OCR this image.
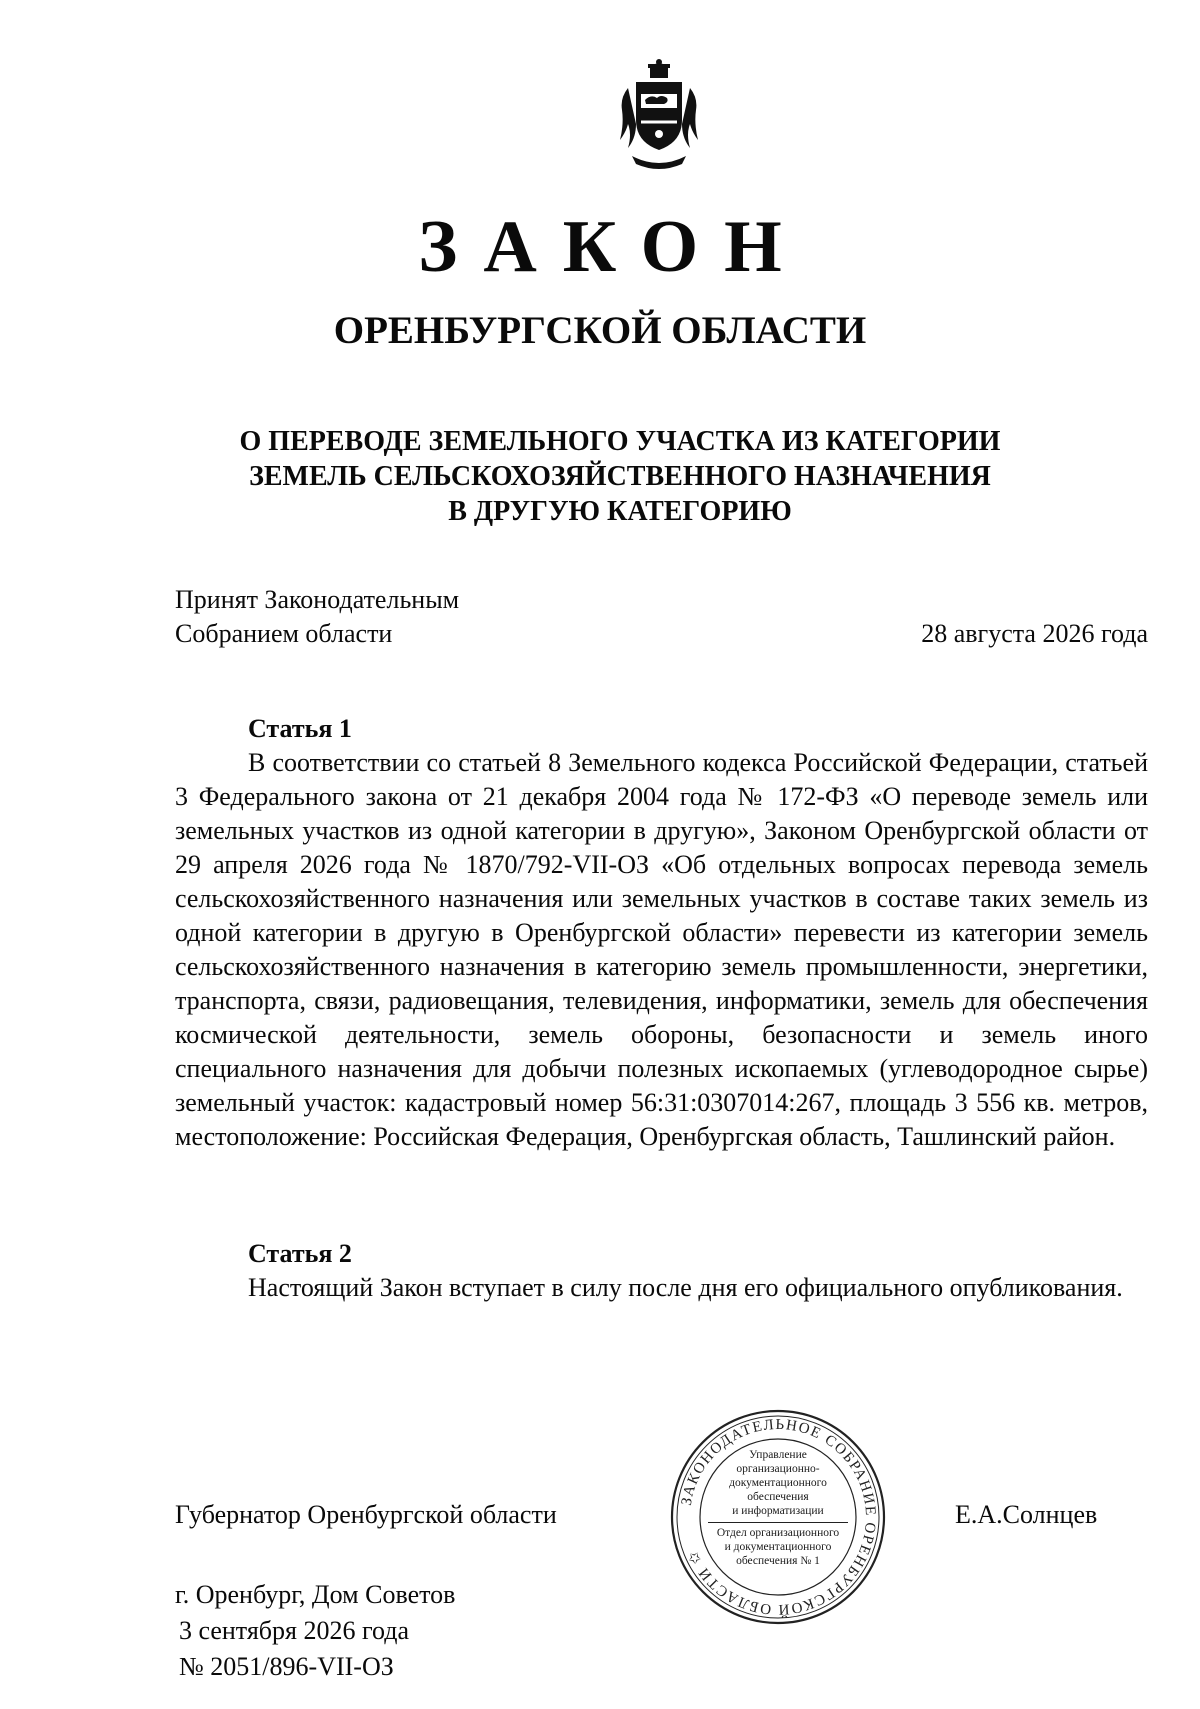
ЗАКОН
ОРЕНБУРГСКОЙ ОБЛАСТИ
О ПЕРЕВОДЕ ЗЕМЕЛЬНОГО УЧАСТКА ИЗ КАТЕГОРИИ
ЗЕМЕЛЬ СЕЛЬСКОХОЗЯЙСТВЕННОГО НАЗНАЧЕНИЯ
В ДРУГУЮ КАТЕГОРИЮ
Принят Законодательным
Собранием области	28 августа 2026 года
Статья 1

В соответствии со статьей 8 Земельного кодекса Российской Федерации, статьей 3 Федерального закона от 21 декабря 2004 года № 172-ФЗ «О переводе земель или земельных участков из одной категории в другую», Законом Оренбургской области от 29 апреля 2026 года № 1870/792-VII-ОЗ «Об отдельных вопросах перевода земель сельскохозяйственного назначения или земельных участков в составе таких земель из одной категории в другую в Оренбургской области» перевести из категории земель сельскохозяйственного назначения в категорию земель промышленности, энергетики, транспорта, связи, радиовещания, телевидения, информатики, земель для обеспечения космической деятельности, земель обороны, безопасности и земель иного специального назначения для добычи полезных ископаемых (углеводородное сырье) земельный участок: кадастровый номер 56:31:0307014:267, площадь 3 556 кв. метров, местоположение: Российская Федерация, Оренбургская область, Ташлинский район.

Статья 2

Настоящий Закон вступает в силу после дня его официального опубликования.

Губернатор Оренбургской области	Е.А.Солнцев
ЗАКОНОДАТЕЛЬНОЕ СОБРАНИЕ ОРЕНБУРГСКОЙ ОБЛАСТИ ✩
Управление
организационно-
документационного
обеспечения
и информатизации
Отдел организационного
и документационного
обеспечения № 1
г. Оренбург, Дом Советов
3 сентября 2026 года
№ 2051/896-VII-ОЗ
